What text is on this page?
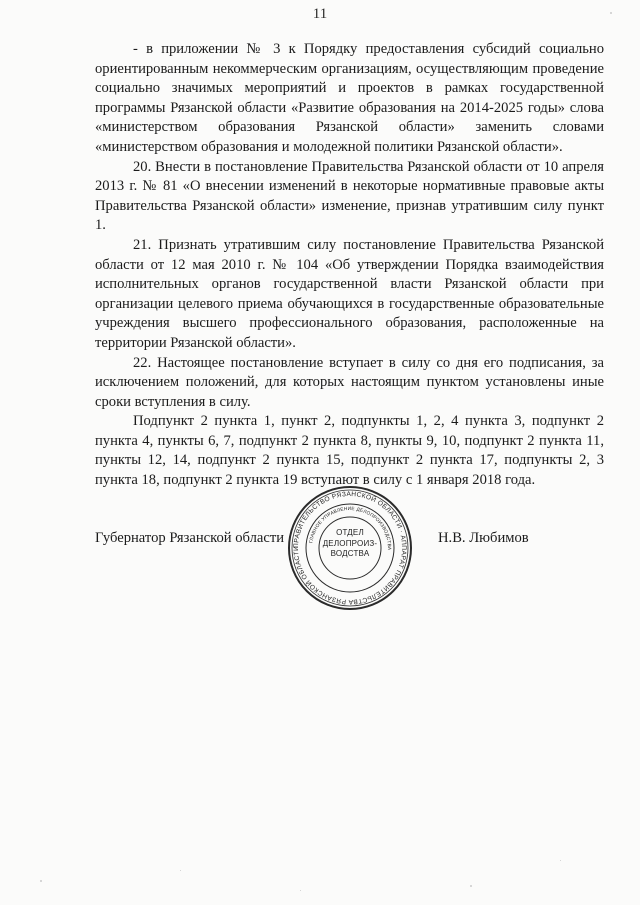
11

- в приложении № 3 к Порядку предоставления субсидий социально ориентированным некоммерческим организациям, осуществляющим проведение социально значимых мероприятий и проектов в рамках государственной программы Рязанской области «Развитие образования на 2014-2025 годы» слова «министерством образования Рязанской области» заменить словами «министерством образования и молодежной политики Рязанской области».

20. Внести в постановление Правительства Рязанской области от 10 апреля 2013 г. № 81 «О внесении изменений в некоторые нормативные правовые акты Правительства Рязанской области» изменение, признав утратившим силу пункт 1.

21. Признать утратившим силу постановление Правительства Рязанской области от 12 мая 2010 г. № 104 «Об утверждении Порядка взаимодействия исполнительных органов государственной власти Рязанской области при организации целевого приема обучающихся в государственные образовательные учреждения высшего профессионального образования, расположенные на территории Рязанской области».

22. Настоящее постановление вступает в силу со дня его подписания, за исключением положений, для которых настоящим пунктом установлены иные сроки вступления в силу.

Подпункт 2 пункта 1, пункт 2, подпункты 1, 2, 4 пункта 3, подпункт 2 пункта 4, пункты 6, 7, подпункт 2 пункта 8, пункты 9, 10, подпункт 2 пункта 11, пункты 12, 14, подпункт 2 пункта 15, подпункт 2 пункта 17, подпункты 2, 3 пункта 18, подпункт 2 пункта 19 вступают в силу с 1 января 2018 года.

Губернатор Рязанской области	Н.В. Любимов
ПРАВИТЕЛЬСТВО РЯЗАНСКОЙ ОБЛАСТИ · АППАРАТ ПРАВИТЕЛЬСТВА РЯЗАНСКОЙ ОБЛАСТИ
ГЛАВНОЕ УПРАВЛЕНИЕ ДЕЛОПРОИЗВОДСТВА
ОТДЕЛ
ДЕЛОПРОИЗ-
ВОДСТВА
